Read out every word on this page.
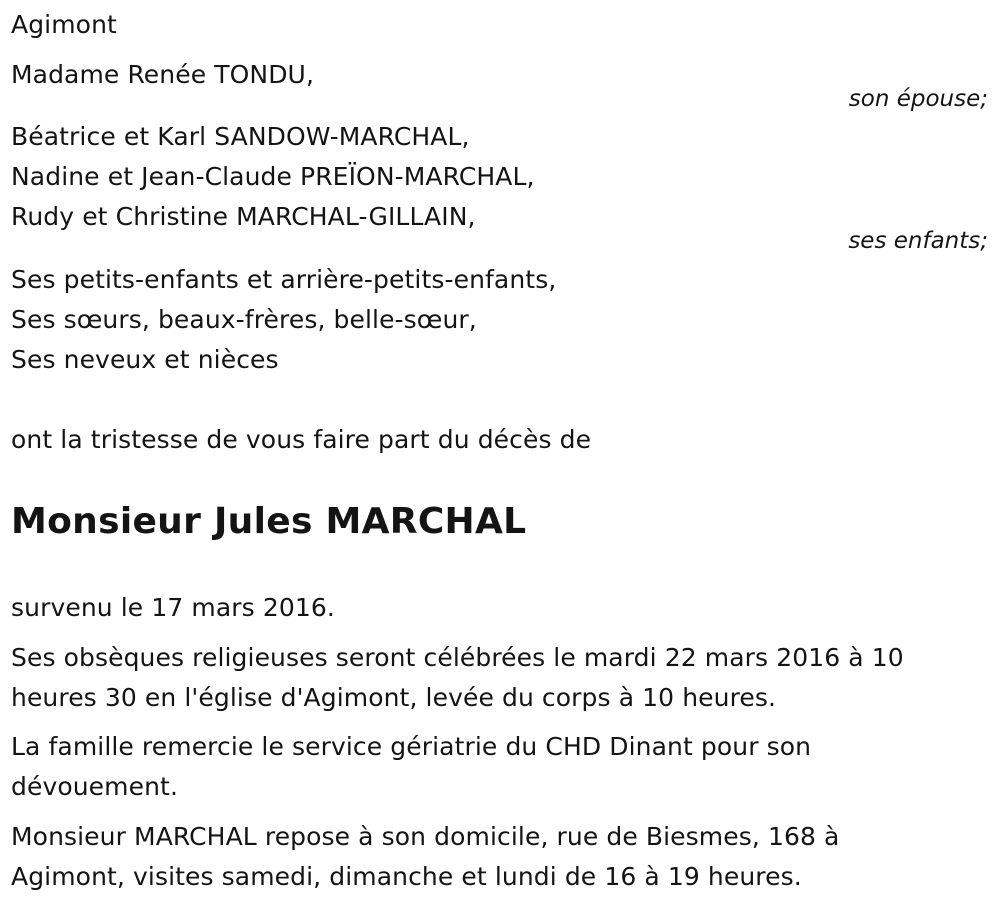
Agimont
Madame Renée TONDU,
son épouse;
Béatrice et Karl SANDOW-MARCHAL,
Nadine et Jean-Claude PREÏON-MARCHAL,
Rudy et Christine MARCHAL-GILLAIN,
ses enfants;
Ses petits-enfants et arrière-petits-enfants,
Ses sœurs, beaux-frères, belle-sœur,
Ses neveux et nièces
ont la tristesse de vous faire part du décès de
Monsieur Jules MARCHAL
survenu le 17 mars 2016.
Ses obsèques religieuses seront célébrées le mardi 22 mars 2016 à 10
heures 30 en l'église d'Agimont, levée du corps à 10 heures.
La famille remercie le service gériatrie du CHD Dinant pour son
dévouement.
Monsieur MARCHAL repose à son domicile, rue de Biesmes, 168 à
Agimont, visites samedi, dimanche et lundi de 16 à 19 heures.
